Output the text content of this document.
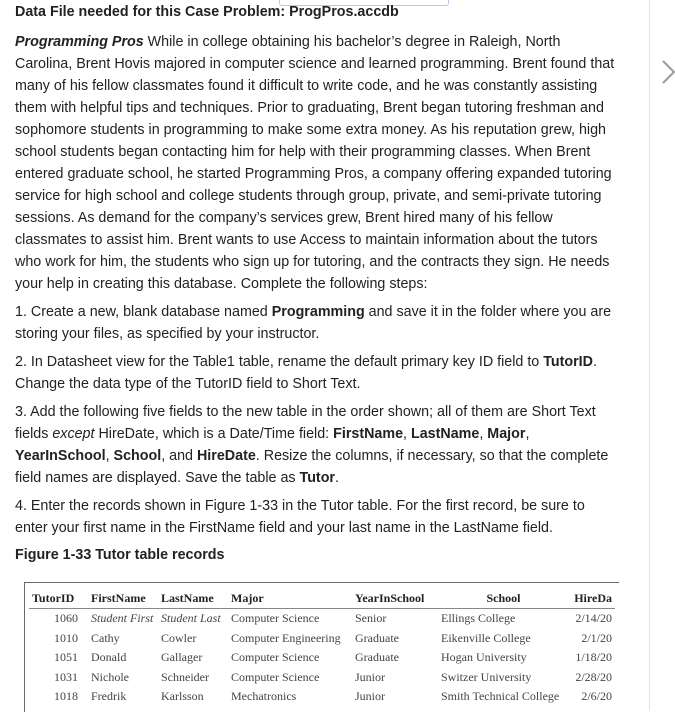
Data File needed for this Case Problem: ProgPros.accdb
Programming Pros While in college obtaining his bachelor’s degree in Raleigh, North Carolina, Brent Hovis majored in computer science and learned programming. Brent found that many of his fellow classmates found it difficult to write code, and he was constantly assisting them with helpful tips and techniques. Prior to graduating, Brent began tutoring freshman and sophomore students in programming to make some extra money. As his reputation grew, high school students began contacting him for help with their programming classes. When Brent entered graduate school, he started Programming Pros, a company offering expanded tutoring service for high school and college students through group, private, and semi-private tutoring sessions. As demand for the company’s services grew, Brent hired many of his fellow classmates to assist him. Brent wants to use Access to maintain information about the tutors who work for him, the students who sign up for tutoring, and the contracts they sign. He needs your help in creating this database. Complete the following steps:
1. Create a new, blank database named Programming and save it in the folder where you are storing your files, as specified by your instructor.
2. In Datasheet view for the Table1 table, rename the default primary key ID field to TutorID. Change the data type of the TutorID field to Short Text.
3. Add the following five fields to the new table in the order shown; all of them are Short Text fields except HireDate, which is a Date/Time field: FirstName, LastName, Major, YearInSchool, School, and HireDate. Resize the columns, if necessary, so that the complete field names are displayed. Save the table as Tutor.
4. Enter the records shown in Figure 1-33 in the Tutor table. For the first record, be sure to enter your first name in the FirstName field and your last name in the LastName field.
Figure 1-33 Tutor table records
TutorID	FirstName	LastName	Major	YearInSchool	School	HireDa
1060	Student First	Student Last	Computer Science	Senior	Ellings College	2/14/20
1010	Cathy	Cowler	Computer Engineering	Graduate	Eikenville College	2/1/20
1051	Donald	Gallager	Computer Science	Graduate	Hogan University	1/18/20
1031	Nichole	Schneider	Computer Science	Junior	Switzer University	2/28/20
1018	Fredrik	Karlsson	Mechatronics	Junior	Smith Technical College	2/6/20
